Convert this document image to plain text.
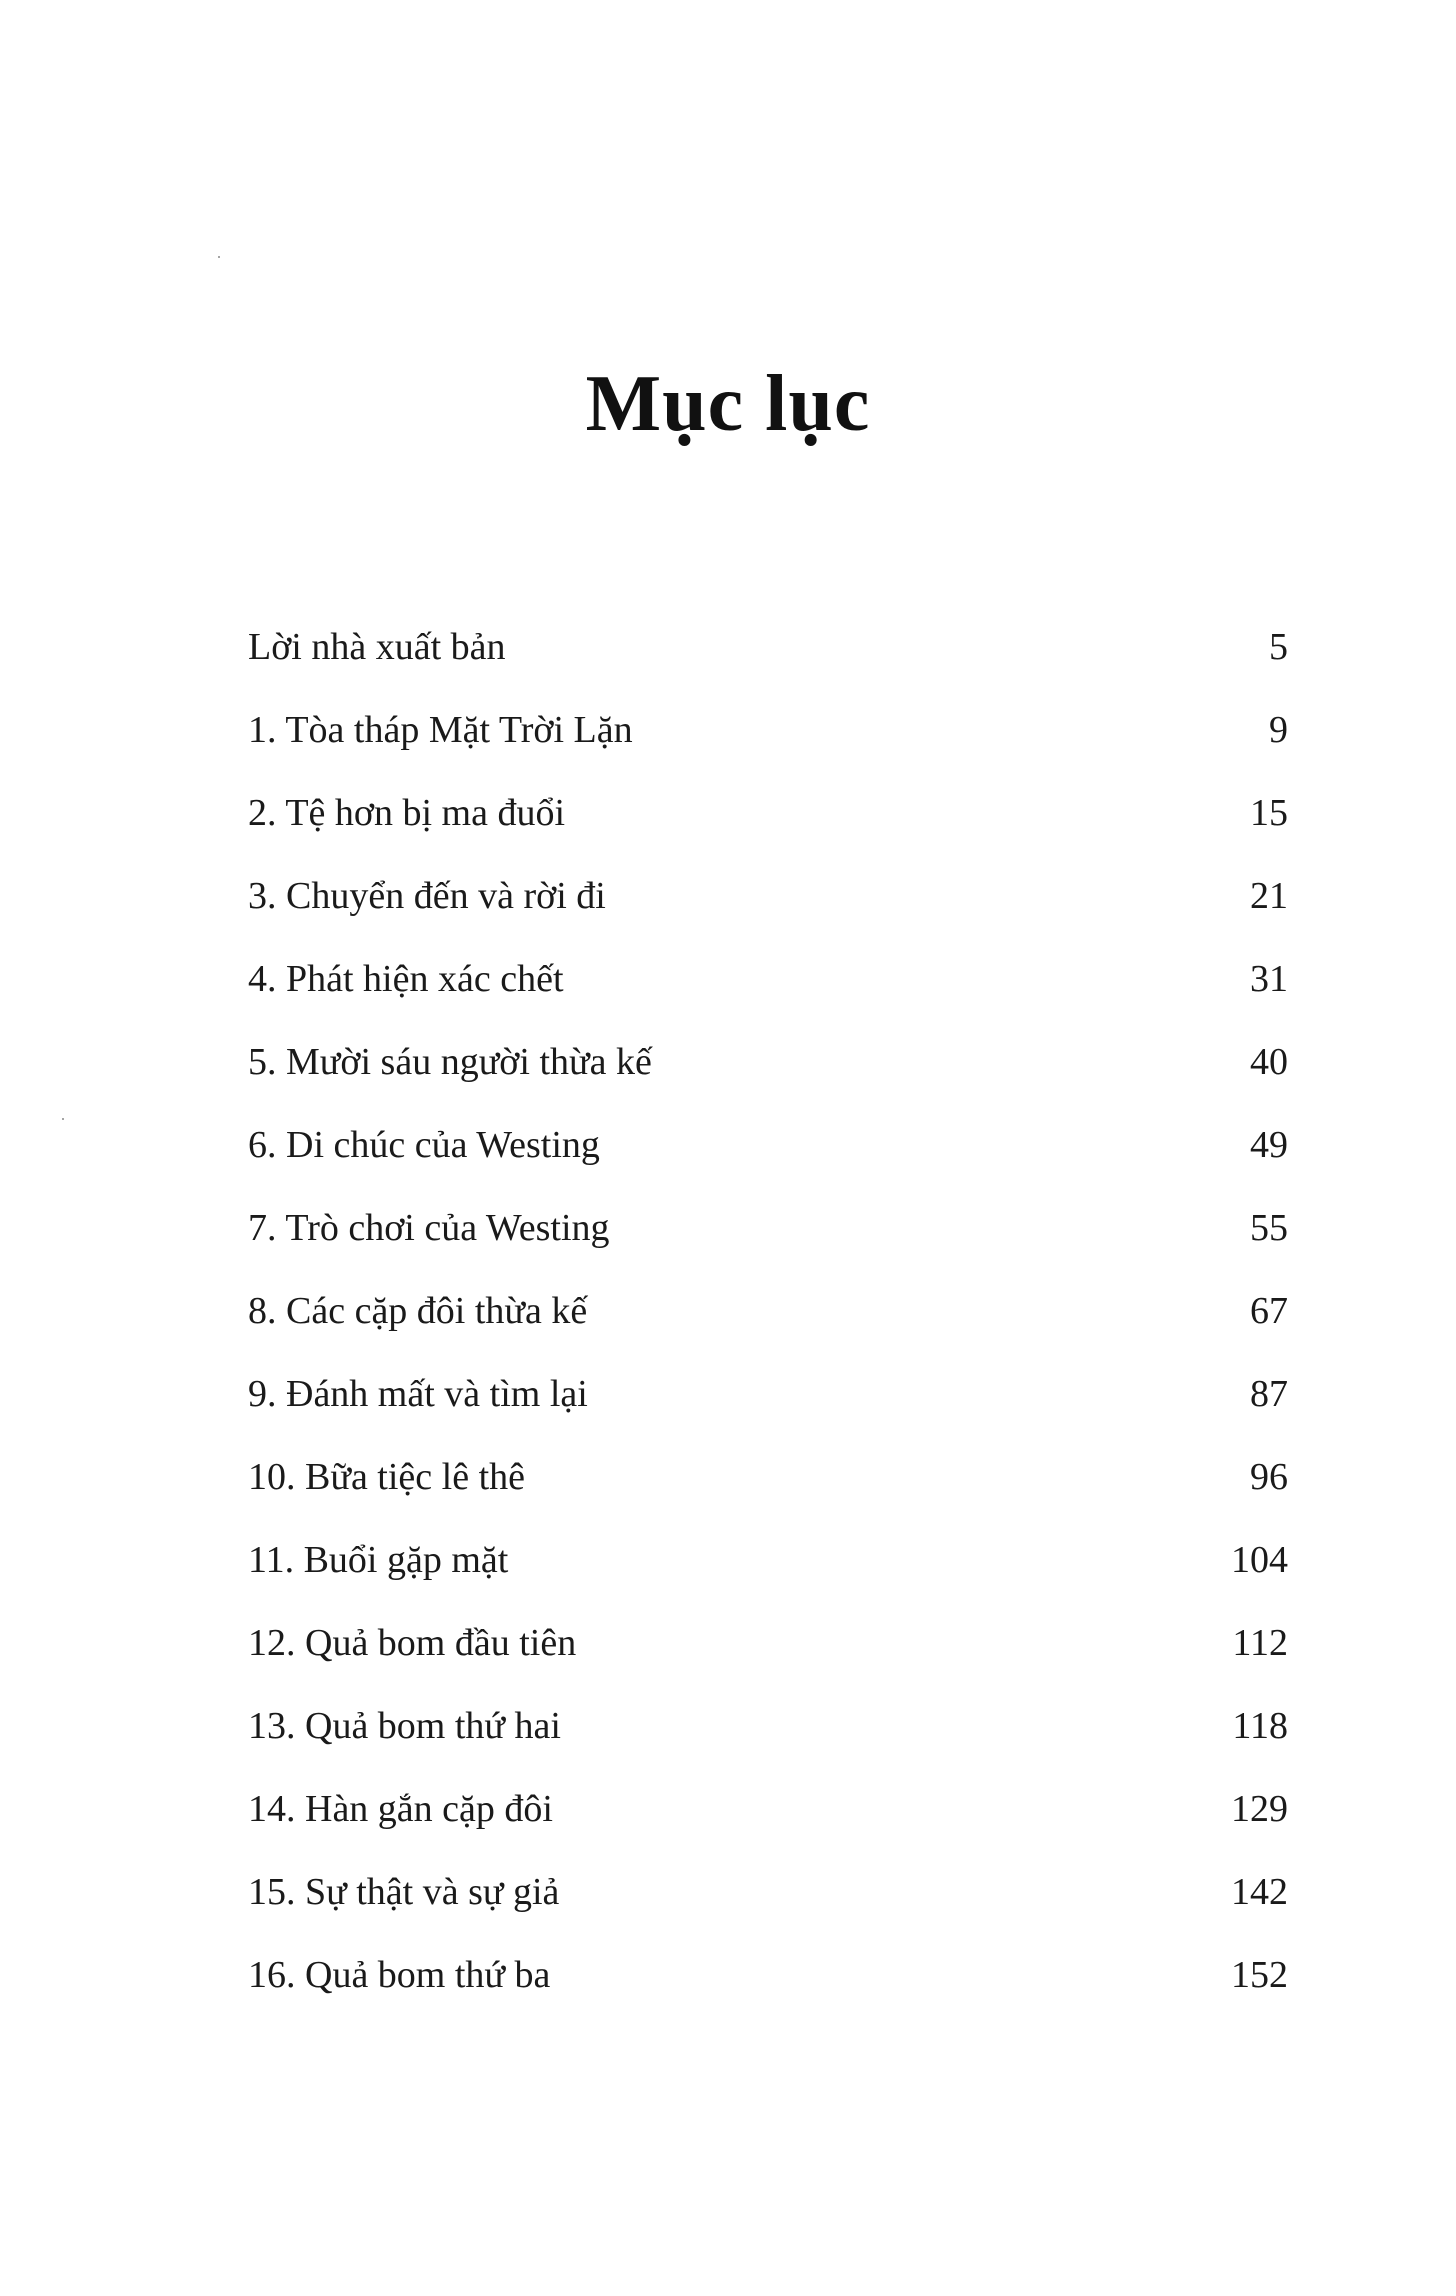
Mục lục
Lời nhà xuất bản	5
1. Tòa tháp Mặt Trời Lặn	9
2. Tệ hơn bị ma đuổi	15
3. Chuyển đến và rời đi	21
4. Phát hiện xác chết	31
5. Mười sáu người thừa kế	40
6. Di chúc của Westing	49
7. Trò chơi của Westing	55
8. Các cặp đôi thừa kế	67
9. Đánh mất và tìm lại	87
10. Bữa tiệc lê thê	96
11. Buổi gặp mặt	104
12. Quả bom đầu tiên	112
13. Quả bom thứ hai	118
14. Hàn gắn cặp đôi	129
15. Sự thật và sự giả	142
16. Quả bom thứ ba	152
